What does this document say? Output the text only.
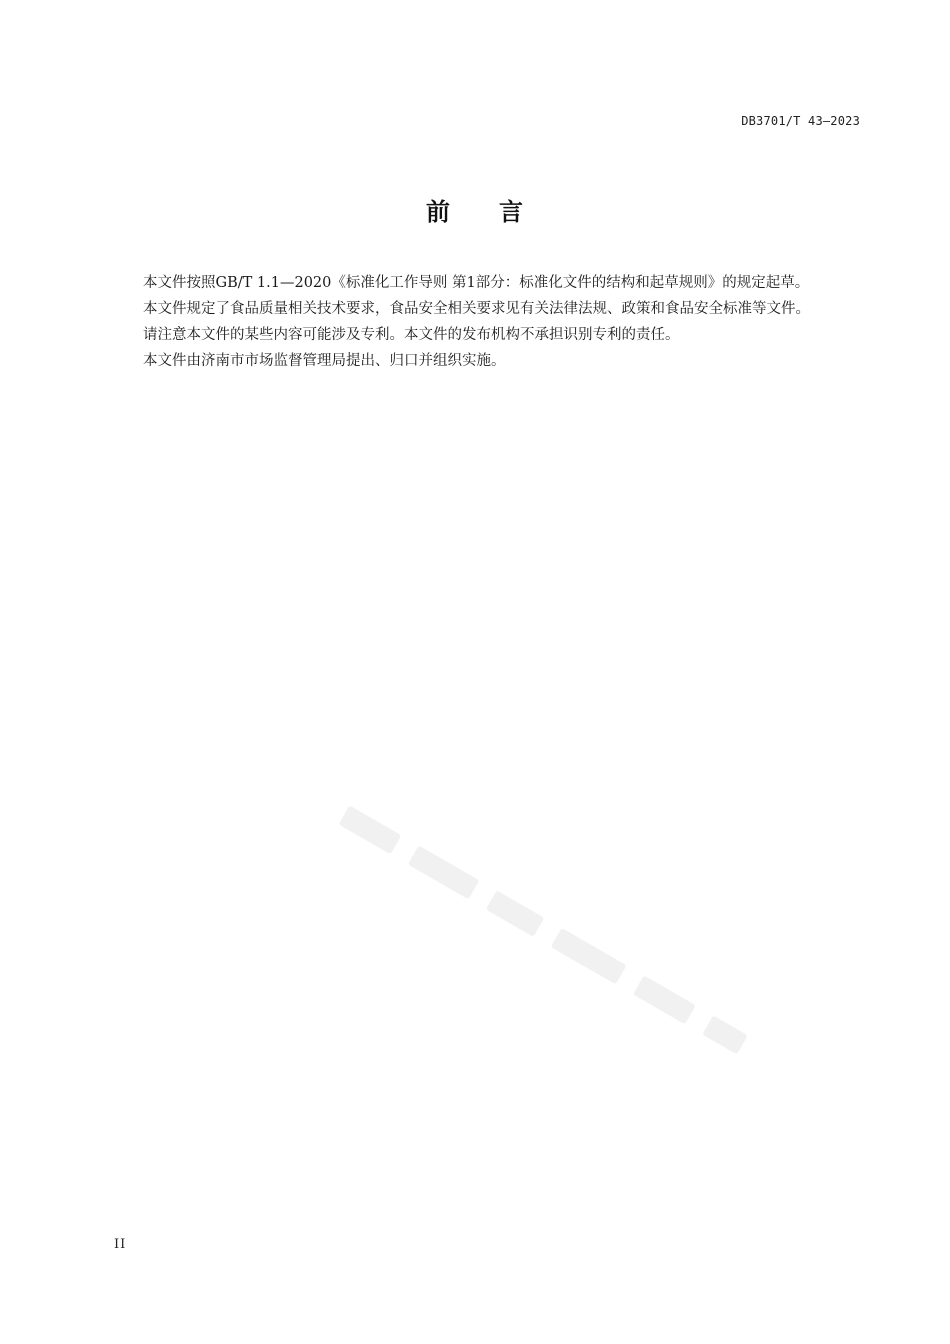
DB3701/T 43—2023
前 言

本文件按照GB/T 1.1—2020《标准化工作导则 第1部分：标准化文件的结构和起草规则》的规定起草。

本文件规定了食品质量相关技术要求，食品安全相关要求见有关法律法规、政策和食品安全标准等文件。

请注意本文件的某些内容可能涉及专利。本文件的发布机构不承担识别专利的责任。

本文件由济南市市场监督管理局提出、归口并组织实施。

II
